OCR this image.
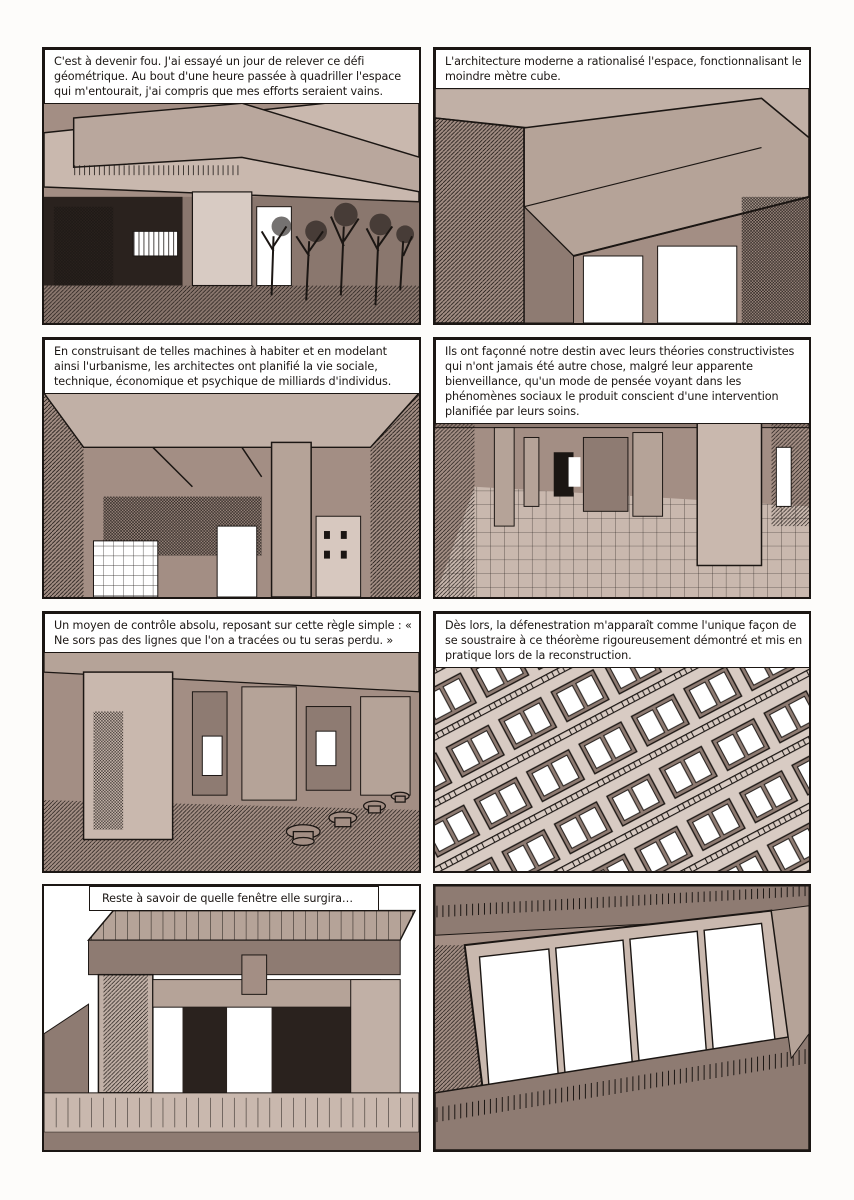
C'est à devenir fou. J'ai essayé un jour de relever ce défi géométrique. Au bout d'une heure passée à quadriller l'espace qui m'entourait, j'ai compris que mes efforts seraient vains.
L'architecture moderne a rationalisé l'espace, fonctionnalisant le moindre mètre cube.
En construisant de telles machines à habiter et en modelant ainsi l'urbanisme, les architectes ont planifié la vie sociale, technique, économique et psychique de milliards d'individus.
Ils ont façonné notre destin avec leurs théories constructivistes qui n'ont jamais été autre chose, malgré leur apparente bienveillance, qu'un mode de pensée voyant dans les phénomènes sociaux le produit conscient d'une intervention planifiée par leurs soins.
Un moyen de contrôle absolu, reposant sur cette règle simple : « Ne sors pas des lignes que l'on a tracées ou tu seras perdu. »
Dès lors, la défenestration m'apparaît comme l'unique façon de se soustraire à ce théorème rigoureusement démontré et mis en pratique lors de la reconstruction.
Reste à savoir de quelle fenêtre elle surgira…
